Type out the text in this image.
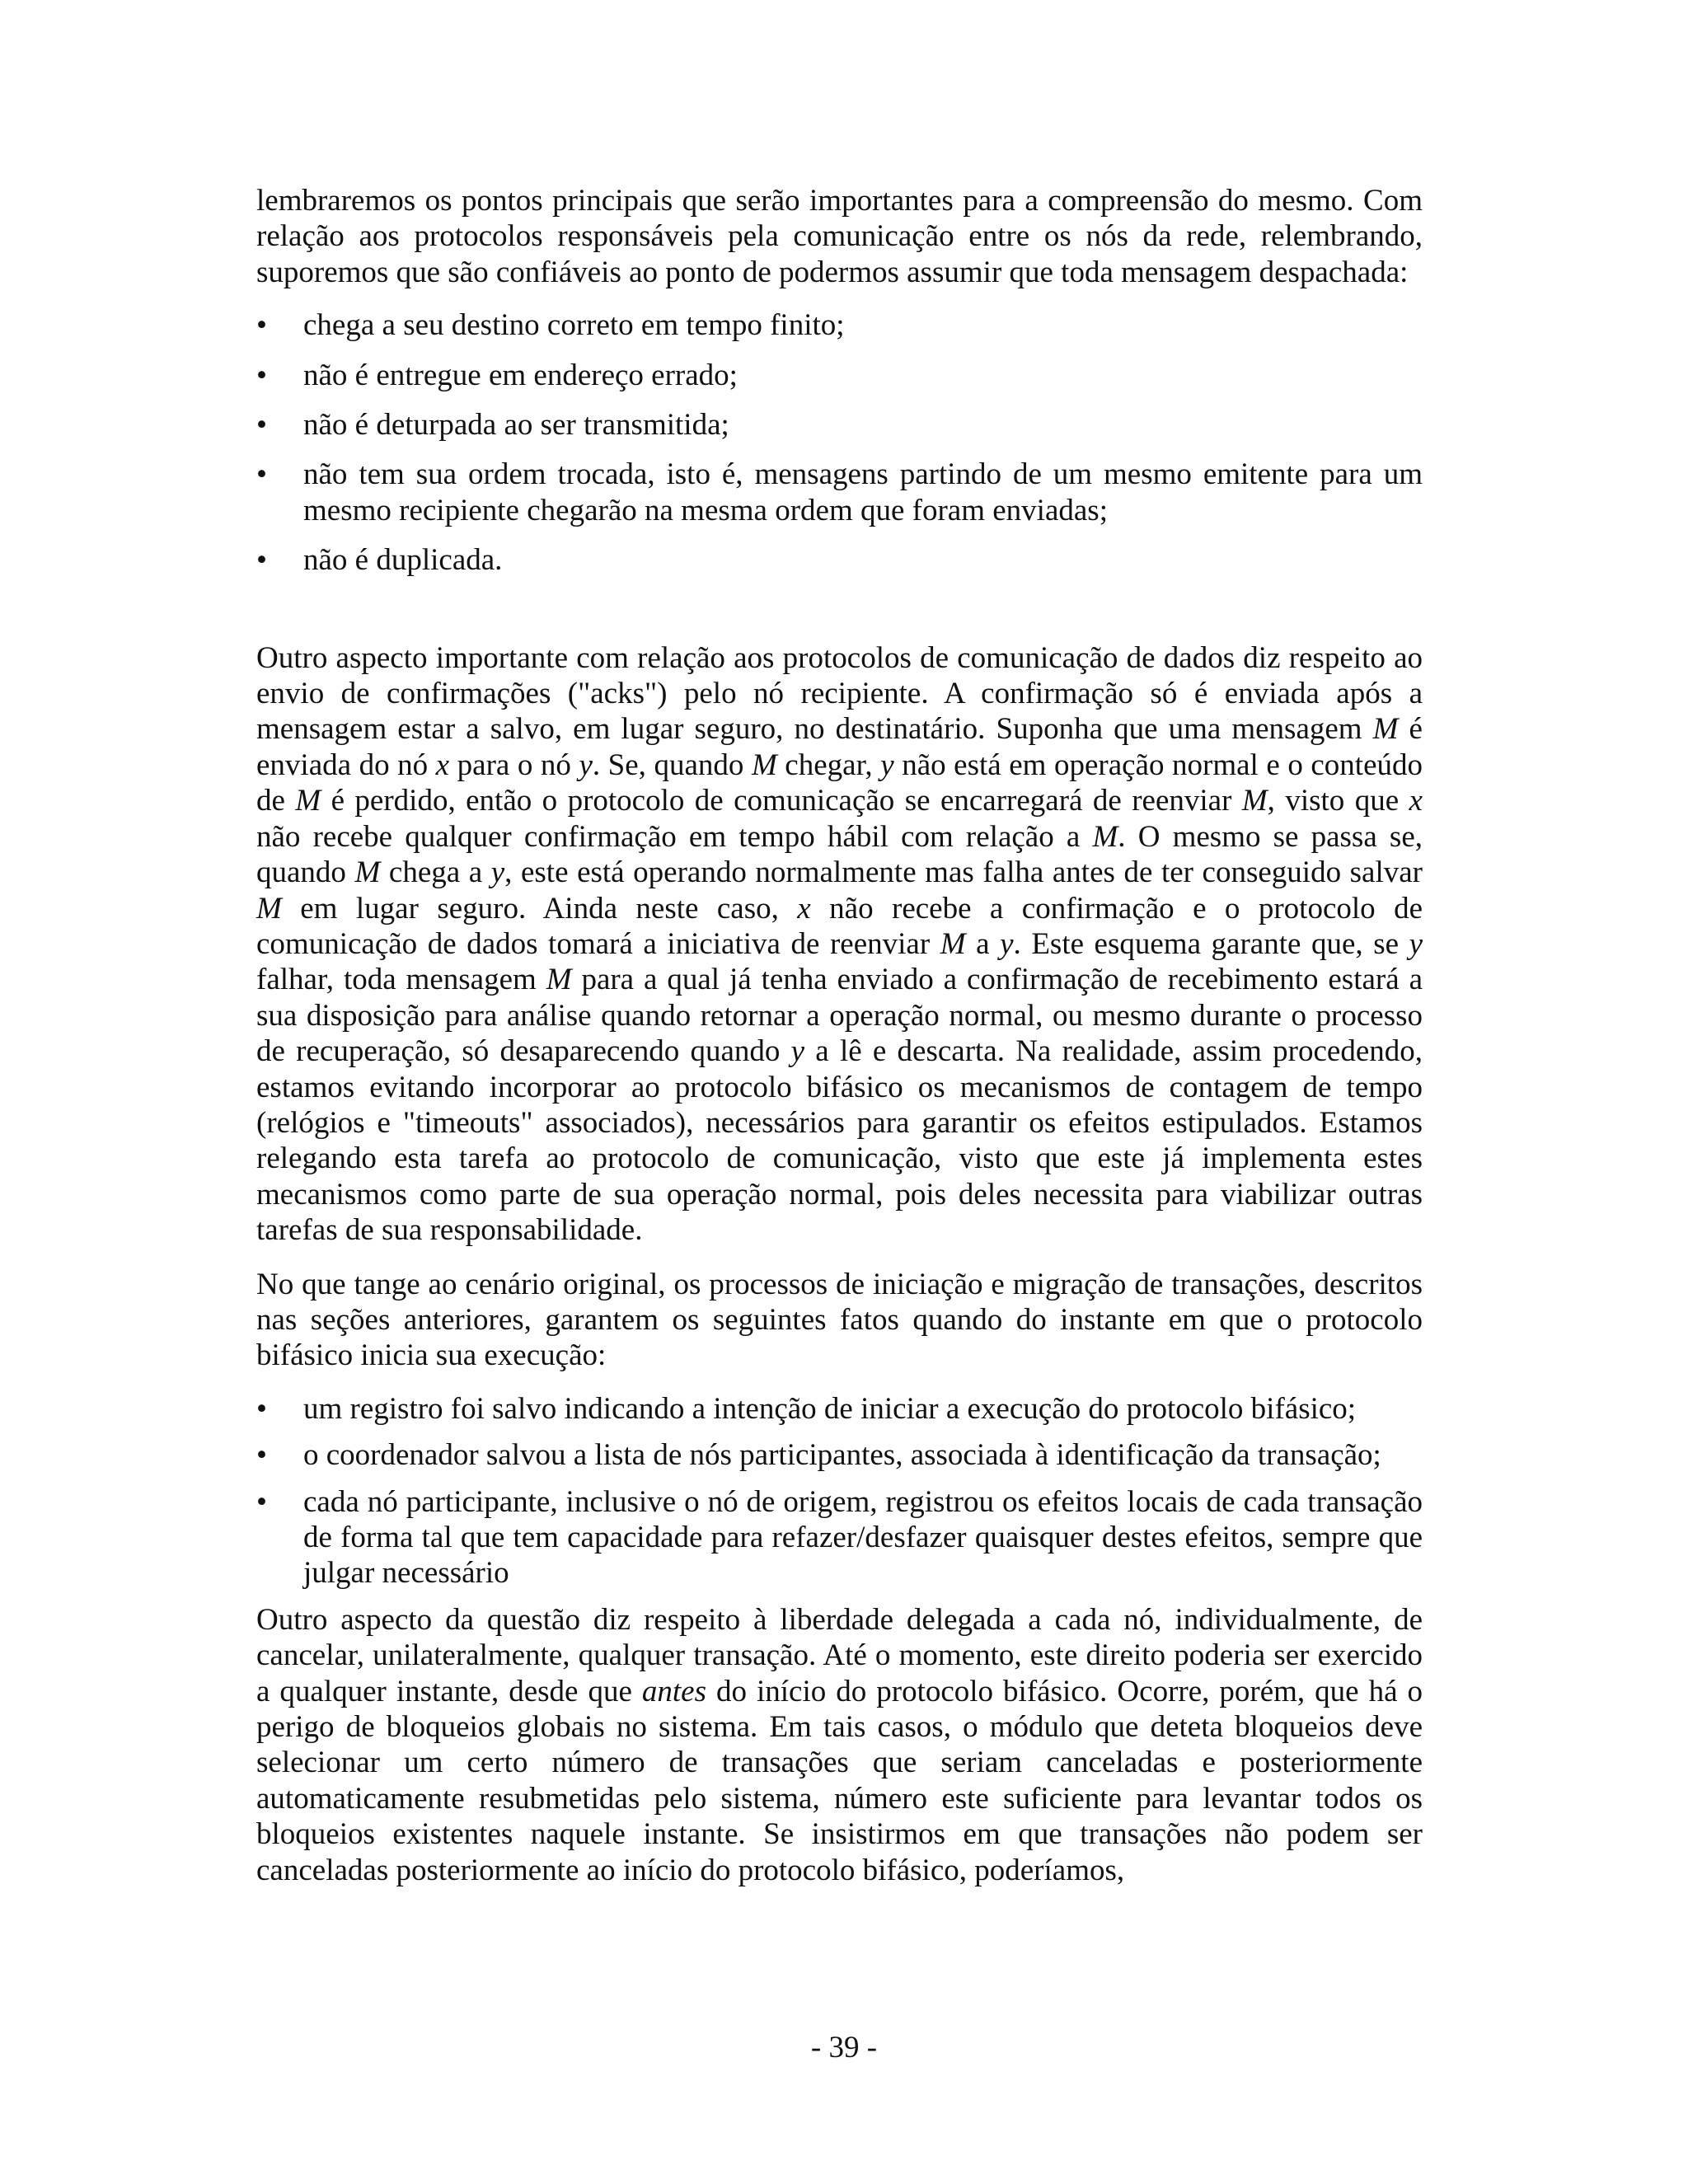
lembraremos os pontos principais que serão importantes para a compreensão do mesmo. Com relação aos protocolos responsáveis pela comunicação entre os nós da rede, relembrando, suporemos que são confiáveis ao ponto de podermos assumir que toda mensagem despachada:

•	chega a seu destino correto em tempo finito;
•	não é entregue em endereço errado;
•	não é deturpada ao ser transmitida;
•	não tem sua ordem trocada, isto é, mensagens partindo de um mesmo emitente para um mesmo recipiente chegarão na mesma ordem que foram enviadas;
•	não é duplicada.

Outro aspecto importante com relação aos protocolos de comunicação de dados diz respeito ao envio de confirmações ("acks") pelo nó recipiente. A confirmação só é enviada após a mensagem estar a salvo, em lugar seguro, no destinatário. Suponha que uma mensagem M é enviada do nó x para o nó y. Se, quando M chegar, y não está em operação normal e o conteúdo de M é perdido, então o protocolo de comunicação se encarregará de reenviar M, visto que x não recebe qualquer confirmação em tempo hábil com relação a M. O mesmo se passa se, quando M chega a y, este está operando normalmente mas falha antes de ter conseguido salvar M em lugar seguro. Ainda neste caso, x não recebe a confirmação e o protocolo de comunicação de dados tomará a iniciativa de reenviar M a y. Este esquema garante que, se y falhar, toda mensagem M para a qual já tenha enviado a confirmação de recebimento estará a sua disposição para análise quando retornar a operação normal, ou mesmo durante o processo de recuperação, só desaparecendo quando y a lê e descarta. Na realidade, assim procedendo, estamos evitando incorporar ao protocolo bifásico os mecanismos de contagem de tempo (relógios e "timeouts" associados), necessários para garantir os efeitos estipulados. Estamos relegando esta tarefa ao protocolo de comunicação, visto que este já implementa estes mecanismos como parte de sua operação normal, pois deles necessita para viabilizar outras tarefas de sua responsabilidade.

No que tange ao cenário original, os processos de iniciação e migração de transações, descritos nas seções anteriores, garantem os seguintes fatos quando do instante em que o protocolo bifásico inicia sua execução:

•	um registro foi salvo indicando a intenção de iniciar a execução do protocolo bifásico;
•	o coordenador salvou a lista de nós participantes, associada à identificação da transação;
•	cada nó participante, inclusive o nó de origem, registrou os efeitos locais de cada transação de forma tal que tem capacidade para refazer/desfazer quaisquer destes efeitos, sempre que julgar necessário

Outro aspecto da questão diz respeito à liberdade delegada a cada nó, individualmente, de cancelar, unilateralmente, qualquer transação. Até o momento, este direito poderia ser exercido a qualquer instante, desde que antes do início do protocolo bifásico. Ocorre, porém, que há o perigo de bloqueios globais no sistema. Em tais casos, o módulo que deteta bloqueios deve selecionar um certo número de transações que seriam canceladas e posteriormente automaticamente resubmetidas pelo sistema, número este suficiente para levantar todos os bloqueios existentes naquele instante. Se insistirmos em que transações não podem ser canceladas posteriormente ao início do protocolo bifásico, poderíamos,

- 39 -
